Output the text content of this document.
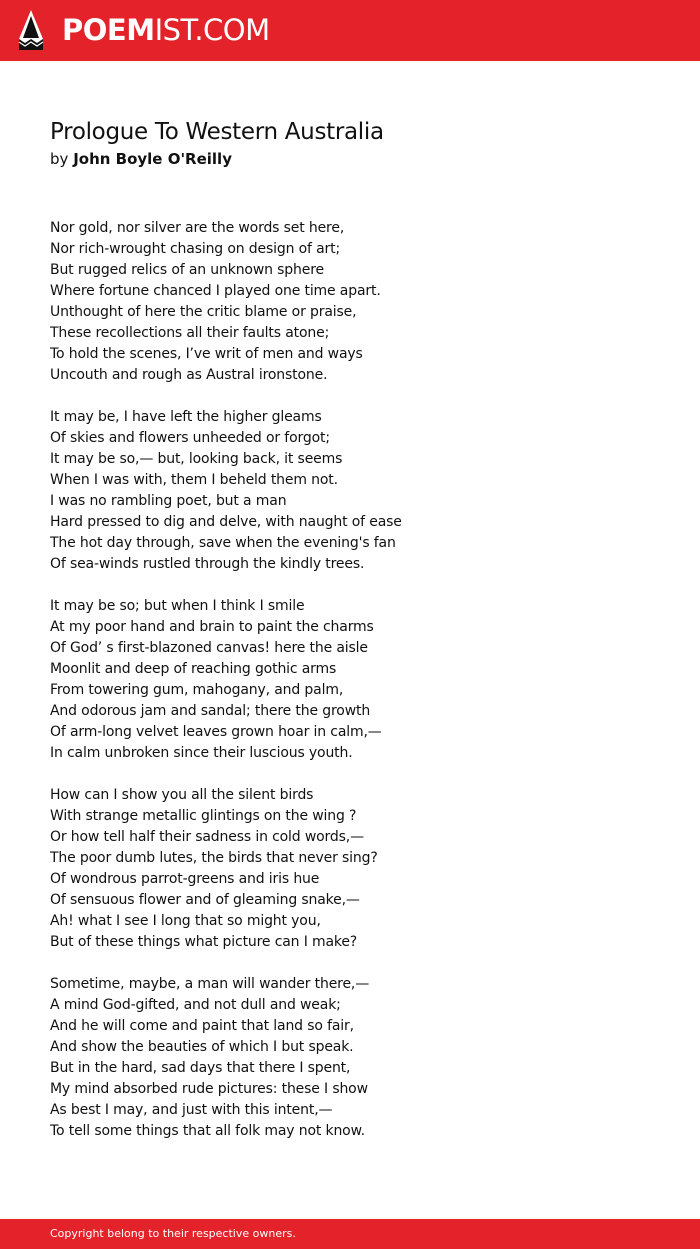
POEMIST.COM
Prologue To Western Australia
by John Boyle O'Reilly
Nor gold, nor silver are the words set here,
Nor rich-wrought chasing on design of art;
But rugged relics of an unknown sphere
Where fortune chanced I played one time apart.
Unthought of here the critic blame or praise,
These recollections all their faults atone;
To hold the scenes, I’ve writ of men and ways
Uncouth and rough as Austral ironstone.
It may be, I have left the higher gleams
Of skies and flowers unheeded or forgot;
It may be so,— but, looking back, it seems
When I was with, them I beheld them not.
I was no rambling poet, but a man
Hard pressed to dig and delve, with naught of ease
The hot day through, save when the evening's fan
Of sea-winds rustled through the kindly trees.
It may be so; but when I think I smile
At my poor hand and brain to paint the charms
Of God’ s first-blazoned canvas! here the aisle
Moonlit and deep of reaching gothic arms
From towering gum, mahogany, and palm,
And odorous jam and sandal; there the growth
Of arm-long velvet leaves grown hoar in calm,—
In calm unbroken since their luscious youth.
How can I show you all the silent birds
With strange metallic glintings on the wing ?
Or how tell half their sadness in cold words,—
The poor dumb lutes, the birds that never sing?
Of wondrous parrot-greens and iris hue
Of sensuous flower and of gleaming snake,—
Ah! what I see I long that so might you,
But of these things what picture can I make?
Sometime, maybe, a man will wander there,—
A mind God-gifted, and not dull and weak;
And he will come and paint that land so fair,
And show the beauties of which I but speak.
But in the hard, sad days that there I spent,
My mind absorbed rude pictures: these I show
As best I may, and just with this intent,—
To tell some things that all folk may not know.
Copyright belong to their respective owners.
